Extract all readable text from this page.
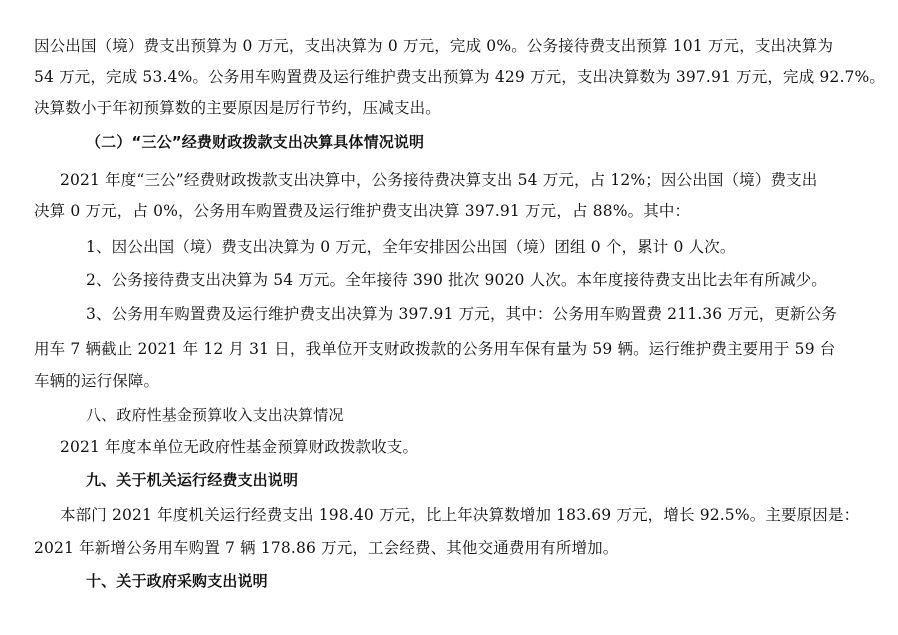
因公出国（境）费支出预算为 0 万元，支出决算为 0 万元，完成 0%。公务接待费支出预算 101 万元，支出决算为
54 万元，完成 53.4%。公务用车购置费及运行维护费支出预算为 429 万元，支出决算数为 397.91 万元，完成 92.7%。
决算数小于年初预算数的主要原因是厉行节约，压减支出。
（二）“三公”经费财政拨款支出决算具体情况说明
2021 年度“三公”经费财政拨款支出决算中，公务接待费决算支出 54 万元，占 12%；因公出国（境）费支出
决算 0 万元，占 0%，公务用车购置费及运行维护费支出决算 397.91 万元，占 88%。其中：
1、因公出国（境）费支出决算为 0 万元，全年安排因公出国（境）团组 0 个，累计 0 人次。
2、公务接待费支出决算为 54 万元。全年接待 390 批次 9020 人次。本年度接待费支出比去年有所减少。
3、公务用车购置费及运行维护费支出决算为 397.91 万元，其中：公务用车购置费 211.36 万元，更新公务
用车 7 辆截止 2021 年 12 月 31 日，我单位开支财政拨款的公务用车保有量为 59 辆。运行维护费主要用于 59 台
车辆的运行保障。
八、政府性基金预算收入支出决算情况
2021 年度本单位无政府性基金预算财政拨款收支。
九、关于机关运行经费支出说明
本部门 2021 年度机关运行经费支出 198.40 万元，比上年决算数增加 183.69 万元，增长 92.5%。主要原因是：
2021 年新增公务用车购置 7 辆 178.86 万元，工会经费、其他交通费用有所增加。
十、关于政府采购支出说明
